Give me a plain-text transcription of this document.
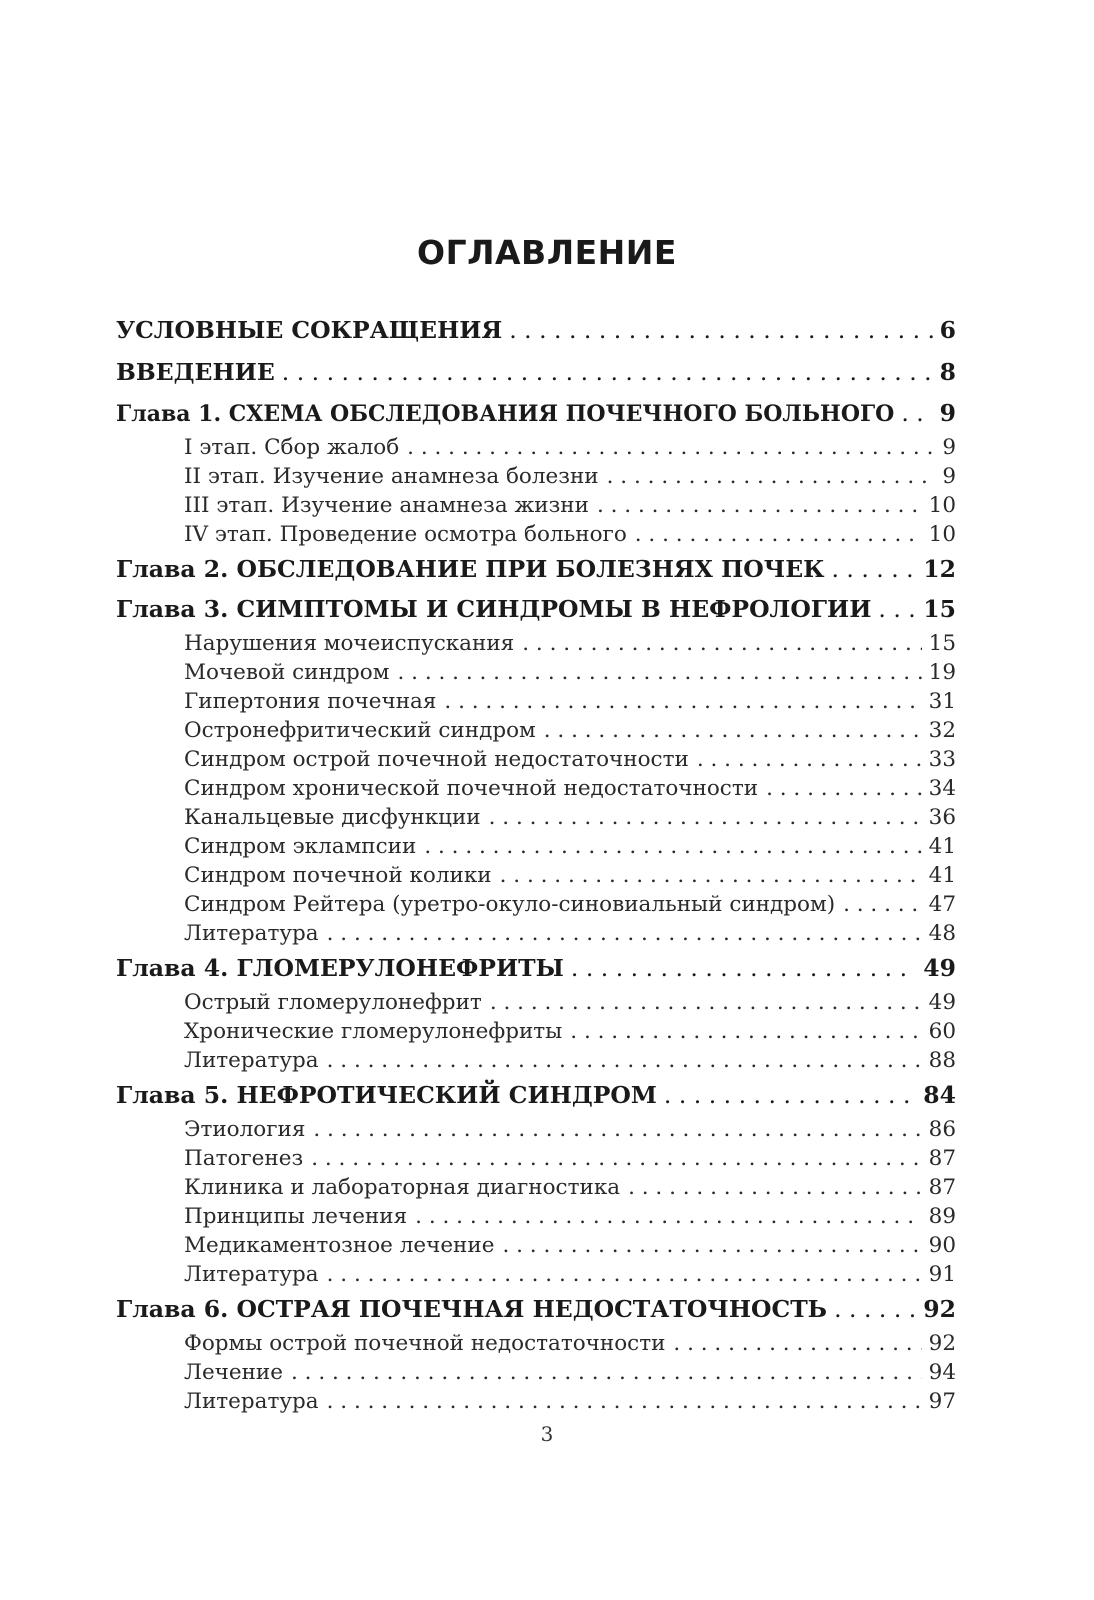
ОГЛАВЛЕНИЕ
УСЛОВНЫЕ СОКРАЩЕНИЯ . . .	6
ВВЕДЕНИЕ . . .	8
Глава 1. СХЕМА ОБСЛЕДОВАНИЯ ПОЧЕЧНОГО БОЛЬНОГО . . . 9
I этап. Сбор жалоб . . .	9
II этап. Изучение анамнеза болезни . . .	9
III этап. Изучение анамнеза жизни . . .	10
IV этап. Проведение осмотра больного . . .	10
Глава 2. ОБСЛЕДОВАНИЕ ПРИ БОЛЕЗНЯХ ПОЧЕК . . .	12
Глава 3. СИМПТОМЫ И СИНДРОМЫ В НЕФРОЛОГИИ . . . 15
Нарушения мочеиспускания . . .	15
Мочевой синдром . . .	19
Гипертония почечная . . .	31
Остронефритический синдром . . .	32
Синдром острой почечной недостаточности . . .	33
Синдром хронической почечной недостаточности . . .	34
Канальцевые дисфункции . . .	36
Синдром эклампсии . . .	41
Синдром почечной колики . . .	41
Синдром Рейтера (уретро-окуло-синовиальный синдром) . . .	47
Литература . . .	48
Глава 4. ГЛОМЕРУЛОНЕФРИТЫ . . .	49
Острый гломерулонефрит . . .	49
Хронические гломерулонефриты . . .	60
Литература . . .	88
Глава 5. НЕФРОТИЧЕСКИЙ СИНДРОМ . . .	84
Этиология . . .	86
Патогенез . . .	87
Клиника и лабораторная диагностика . . .	87
Принципы лечения . . .	89
Медикаментозное лечение . . .	90
Литература . . .	91
Глава 6. ОСТРАЯ ПОЧЕЧНАЯ НЕДОСТАТОЧНОСТЬ . . .	92
Формы острой почечной недостаточности . . .	92
Лечение . . .	94
Литература . . .	97
3
